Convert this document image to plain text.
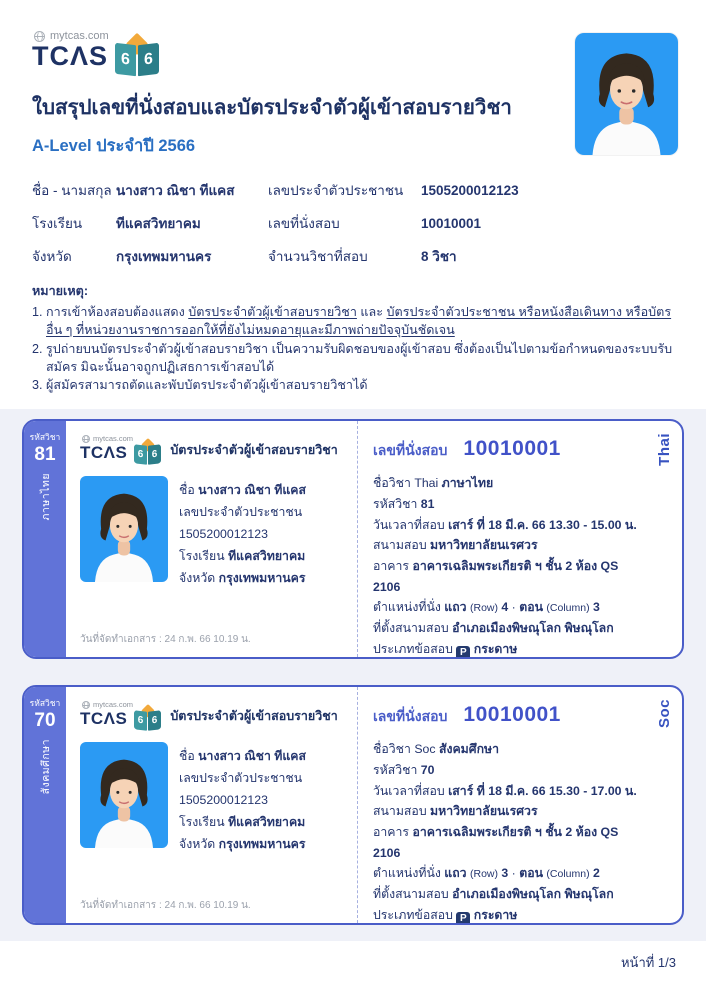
mytcas.com
TCΛS 6 6
ใบสรุปเลขที่นั่งสอบและบัตรประจำตัวผู้เข้าสอบรายวิชา
A-Level ประจำปี 2566
ชื่อ - นามสกุล นางสาว ณิชา ทีแคส	เลขประจำตัวประชาชน	1505200012123
โรงเรียน	ทีแคสวิทยาคม	เลขที่นั่งสอบ	10010001
จังหวัด	กรุงเทพมหานคร	จำนวนวิชาที่สอบ	8 วิชา
หมายเหตุ:
1. การเข้าห้องสอบต้องแสดง บัตรประจำตัวผู้เข้าสอบรายวิชา และ บัตรประจำตัวประชาชน หรือหนังสือเดินทาง หรือบัตรอื่น ๆ ที่หน่วยงานราชการออกให้ที่ยังไม่หมดอายุและมีภาพถ่ายปัจจุบันชัดเจน
2. รูปถ่ายบนบัตรประจำตัวผู้เข้าสอบรายวิชา เป็นความรับผิดชอบของผู้เข้าสอบ ซึ่งต้องเป็นไปตามข้อกำหนดของระบบรับสมัคร มิฉะนั้นอาจถูกปฏิเสธการเข้าสอบได้
3. ผู้สมัครสามารถตัดและพับบัตรประจำตัวผู้เข้าสอบรายวิชาได้
รหัสวิชา
81
ภาษาไทย
mytcas.com
TCΛS	6 6 บัตรประจำตัวผู้เข้าสอบรายวิชา
ชื่อ นางสาว ณิชา ทีแคส
เลขประจำตัวประชาชน
1505200012123
โรงเรียน ทีแคสวิทยาคม
จังหวัด กรุงเทพมหานคร
วันที่จัดทำเอกสาร : 24 ก.พ. 66 10.19 น.
เลขที่นั่งสอบ 10010001
ชื่อวิชา Thai ภาษาไทย
รหัสวิชา 81
วันเวลาที่สอบ เสาร์ ที่ 18 มี.ค. 66 13.30 - 15.00 น.
สนามสอบ มหาวิทยาลัยนเรศวร
อาคาร อาคารเฉลิมพระเกียรติ ฯ ชั้น 2 ห้อง QS 2106
ตำแหน่งที่นั่ง แถว (Row) 4 · ตอน (Column) 3
ที่ตั้งสนามสอบ อำเภอเมืองพิษณุโลก พิษณุโลก
ประเภทข้อสอบ P กระดาษ
Thai
รหัสวิชา
70
สังคมศึกษา
mytcas.com
TCΛS	6 6 บัตรประจำตัวผู้เข้าสอบรายวิชา
ชื่อ นางสาว ณิชา ทีแคส
เลขประจำตัวประชาชน
1505200012123
โรงเรียน ทีแคสวิทยาคม
จังหวัด กรุงเทพมหานคร
วันที่จัดทำเอกสาร : 24 ก.พ. 66 10.19 น.
เลขที่นั่งสอบ 10010001
ชื่อวิชา Soc สังคมศึกษา
รหัสวิชา 70
วันเวลาที่สอบ เสาร์ ที่ 18 มี.ค. 66 15.30 - 17.00 น.
สนามสอบ มหาวิทยาลัยนเรศวร
อาคาร อาคารเฉลิมพระเกียรติ ฯ ชั้น 2 ห้อง QS 2106
ตำแหน่งที่นั่ง แถว (Row) 3 · ตอน (Column) 2
ที่ตั้งสนามสอบ อำเภอเมืองพิษณุโลก พิษณุโลก
ประเภทข้อสอบ P กระดาษ
Soc
หน้าที่ 1/3
